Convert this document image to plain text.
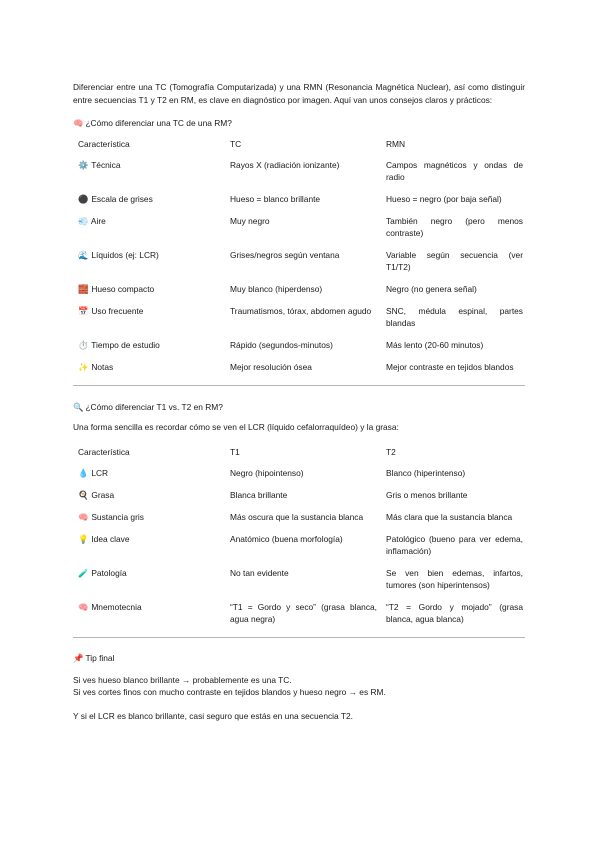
Diferenciar entre una TC (Tomografía Computarizada) y una RMN (Resonancia Magnética Nuclear), así como distinguir entre secuencias T1 y T2 en RM, es clave en diagnóstico por imagen. Aquí van unos consejos claros y prácticos:

🧠 ¿Cómo diferenciar una TC de una RM?
Característica	TC	RMN
⚙️ Técnica	Rayos X (radiación ionizante)	Campos magnéticos y ondas de radio
⚫ Escala de grises	Hueso = blanco brillante	Hueso = negro (por baja señal)
💨 Aire	Muy negro	También negro (pero menos contraste)
🌊 Líquidos (ej: LCR)	Grises/negros según ventana	Variable según secuencia (ver T1/T2)
🧱 Hueso compacto	Muy blanco (hiperdenso)	Negro (no genera señal)
📅 Uso frecuente	Traumatismos, tórax, abdomen agudo	SNC, médula espinal, partes blandas
⏱️ Tiempo de estudio	Rápido (segundos-minutos)	Más lento (20-60 minutos)
✨ Notas	Mejor resolución ósea	Mejor contraste en tejidos blandos
🔍 ¿Cómo diferenciar T1 vs. T2 en RM?

Una forma sencilla es recordar cómo se ven el LCR (líquido cefalorraquídeo) y la grasa:

Característica	T1	T2
💧 LCR	Negro (hipointenso)	Blanco (hiperintenso)
🍳 Grasa	Blanca brillante	Gris o menos brillante
🧠 Sustancia gris	Más oscura que la sustancia blanca	Más clara que la sustancia blanca
💡 Idea clave	Anatómico (buena morfología)	Patológico (bueno para ver edema, inflamación)
🧪 Patología	No tan evidente	Se ven bien edemas, infartos, tumores (son hiperintensos)
🧠 Mnemotecnia	“T1 = Gordo y seco” (grasa blanca, agua negra)	“T2 = Gordo y mojado” (grasa blanca, agua blanca)
📌 Tip final

Si ves hueso blanco brillante → probablemente es una TC.

Si ves cortes finos con mucho contraste en tejidos blandos y hueso negro → es RM.

Y si el LCR es blanco brillante, casi seguro que estás en una secuencia T2.
